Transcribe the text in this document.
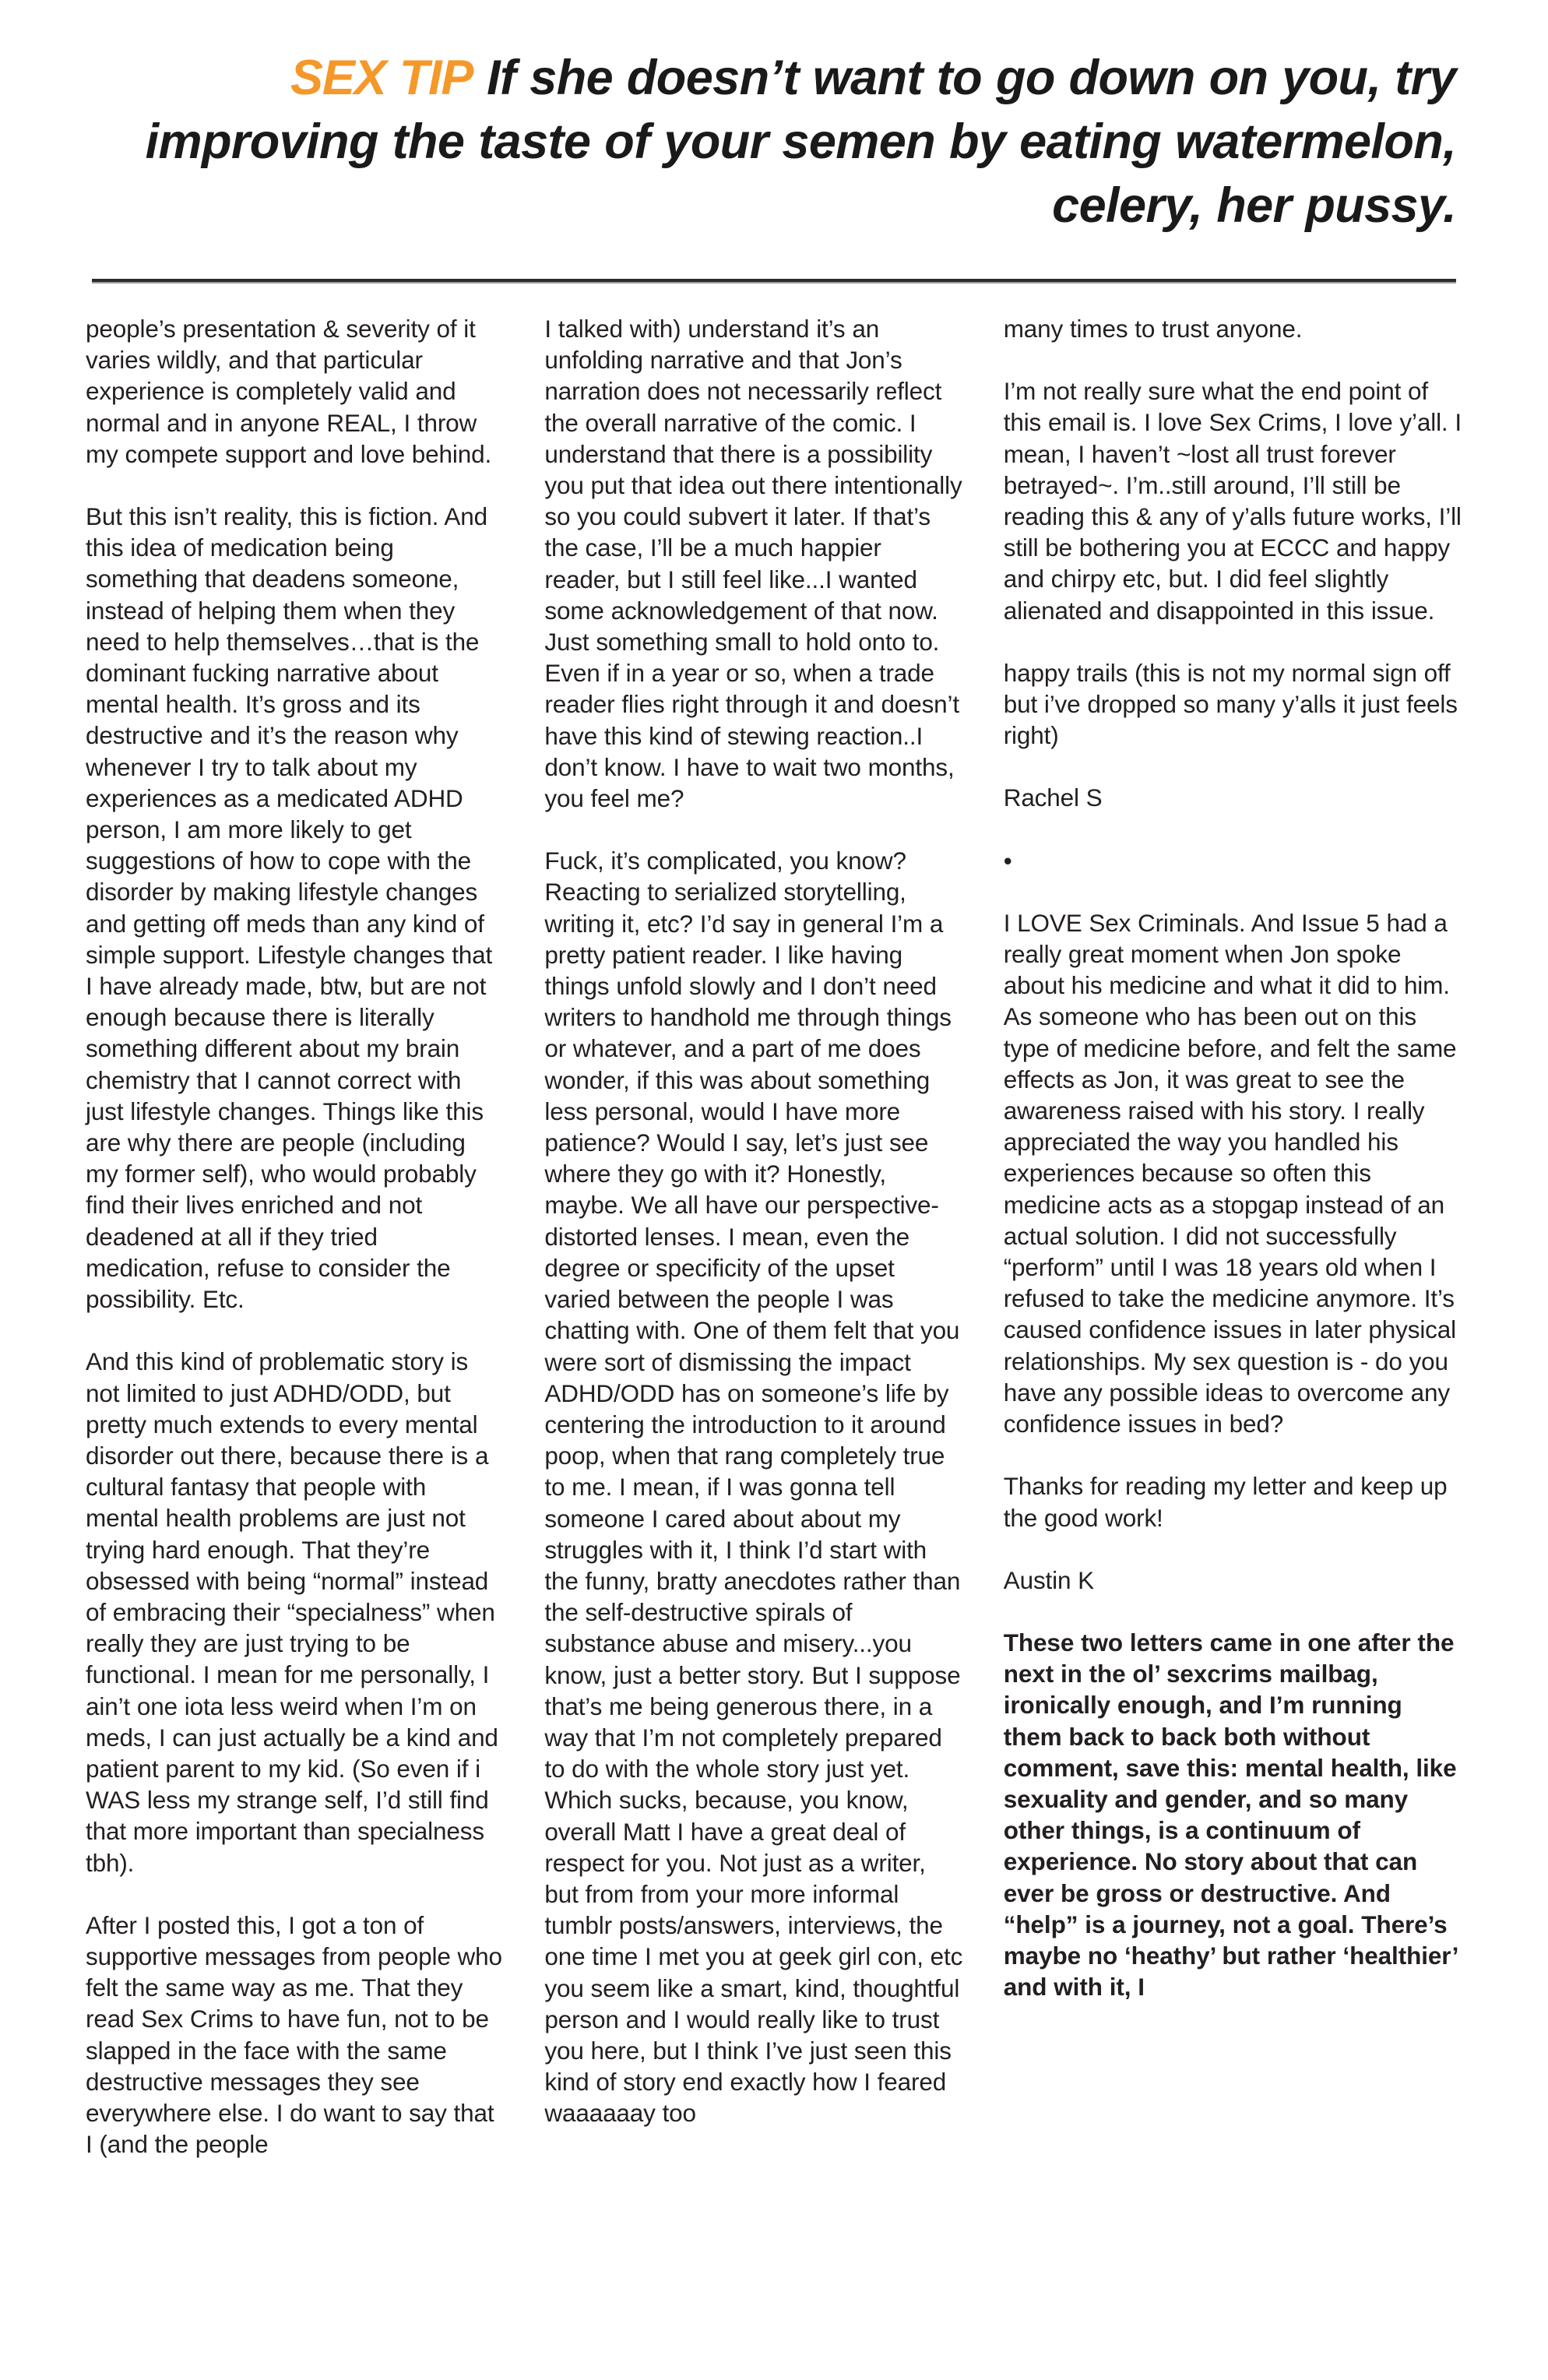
SEX TIP If she doesn’t want to go down on you, try improving the taste of your semen by eating watermelon, celery, her pussy.

people’s presentation & severity of it varies wildly, and that particular experience is completely valid and normal and in anyone REAL, I throw my compete support and love behind.

But this isn’t reality, this is fiction. And this idea of medication being something that deadens someone, instead of helping them when they need to help themselves…that is the dominant fucking narrative about mental health. It’s gross and its destructive and it’s the reason why whenever I try to talk about my experiences as a medicated ADHD person, I am more likely to get suggestions of how to cope with the disorder by making lifestyle changes and getting off meds than any kind of simple support. Lifestyle changes that I have already made, btw, but are not enough because there is literally something different about my brain chemistry that I cannot correct with just lifestyle changes. Things like this are why there are people (including my former self), who would probably find their lives enriched and not deadened at all if they tried medication, refuse to consider the possibility. Etc.

And this kind of problematic story is not limited to just ADHD/ODD, but pretty much extends to every mental disorder out there, because there is a cultural fantasy that people with mental health problems are just not trying hard enough. That they’re obsessed with being “normal” instead of embracing their “specialness” when really they are just trying to be functional. I mean for me personally, I ain’t one iota less weird when I’m on meds, I can just actually be a kind and patient parent to my kid. (So even if i WAS less my strange self, I’d still find that more important than specialness tbh).

After I posted this, I got a ton of supportive messages from people who felt the same way as me. That they read Sex Crims to have fun, not to be slapped in the face with the same destructive messages they see everywhere else. I do want to say that I (and the people

I talked with) understand it’s an unfolding narrative and that Jon’s narration does not necessarily reflect the overall narrative of the comic. I understand that there is a possibility you put that idea out there intentionally so you could subvert it later. If that’s the case, I’ll be a much happier reader, but I still feel like...I wanted some acknowledgement of that now. Just something small to hold onto to. Even if in a year or so, when a trade reader flies right through it and doesn’t have this kind of stewing reaction..I don’t know. I have to wait two months, you feel me?

Fuck, it’s complicated, you know? Reacting to serialized storytelling, writing it, etc? I’d say in general I’m a pretty patient reader. I like having things unfold slowly and I don’t need writers to handhold me through things or whatever, and a part of me does wonder, if this was about something less personal, would I have more patience? Would I say, let’s just see where they go with it? Honestly, maybe. We all have our perspective-distorted lenses. I mean, even the degree or specificity of the upset varied between the people I was chatting with. One of them felt that you were sort of dismissing the impact ADHD/ODD has on someone’s life by centering the introduction to it around poop, when that rang completely true to me. I mean, if I was gonna tell someone I cared about about my struggles with it, I think I’d start with the funny, bratty anecdotes rather than the self-destructive spirals of substance abuse and misery...you know, just a better story. But I suppose that’s me being generous there, in a way that I’m not completely prepared to do with the whole story just yet. Which sucks, because, you know, overall Matt I have a great deal of respect for you. Not just as a writer, but from from your more informal tumblr posts/answers, interviews, the one time I met you at geek girl con, etc you seem like a smart, kind, thoughtful person and I would really like to trust you here, but I think I’ve just seen this kind of story end exactly how I feared waaaaaay too

many times to trust anyone.

I’m not really sure what the end point of this email is. I love Sex Crims, I love y’all. I mean, I haven’t ~lost all trust forever betrayed~. I’m..still around, I’ll still be reading this & any of y’alls future works, I’ll still be bothering you at ECCC and happy and chirpy etc, but. I did feel slightly alienated and disappointed in this issue.

happy trails (this is not my normal sign off but i’ve dropped so many y’alls it just feels right)

Rachel S

•

I LOVE Sex Criminals. And Issue 5 had a really great moment when Jon spoke about his medicine and what it did to him. As someone who has been out on this type of medicine before, and felt the same effects as Jon, it was great to see the awareness raised with his story. I really appreciated the way you handled his experiences because so often this medicine acts as a stopgap instead of an actual solution. I did not successfully “perform” until I was 18 years old when I refused to take the medicine anymore. It’s caused confidence issues in later physical relationships. My sex question is - do you have any possible ideas to overcome any confidence issues in bed?

Thanks for reading my letter and keep up the good work!

Austin K

These two letters came in one after the next in the ol’ sexcrims mailbag, ironically enough, and I’m running them back to back both without comment, save this: mental health, like sexuality and gender, and so many other things, is a continuum of experience. No story about that can ever be gross or destructive. And “help” is a journey, not a goal. There’s maybe no ‘heathy’ but rather ‘healthier’ and with it, I
